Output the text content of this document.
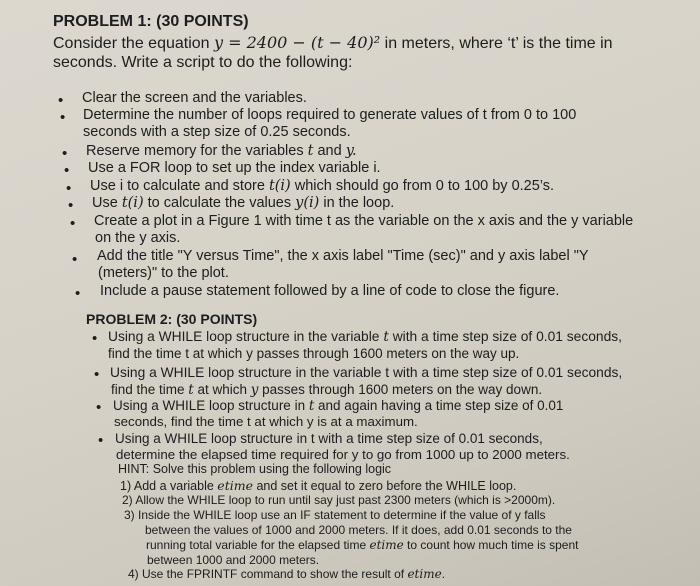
PROBLEM 1: (30 POINTS)
Consider the equation y = 2400 − (t − 40)² in meters, where ‘t’ is the time in
seconds. Write a script to do the following:
• Clear the screen and the variables.
• Determine the number of loops required to generate values of t from 0 to 100
seconds with a step size of 0.25 seconds.
• Reserve memory for the variables t and y.
• Use a FOR loop to set up the index variable i.
• Use i to calculate and store t(i) which should go from 0 to 100 by 0.25’s.
• Use t(i) to calculate the values y(i) in the loop.
• Create a plot in a Figure 1 with time t as the variable on the x axis and the y variable
on the y axis.
• Add the title "Y versus Time", the x axis label "Time (sec)" and y axis label "Y
(meters)" to the plot.
• Include a pause statement followed by a line of code to close the figure.
PROBLEM 2: (30 POINTS)
• Using a WHILE loop structure in the variable t with a time step size of 0.01 seconds,
find the time t at which y passes through 1600 meters on the way up.
• Using a WHILE loop structure in the variable t with a time step size of 0.01 seconds,
find the time t at which y passes through 1600 meters on the way down.
• Using a WHILE loop structure in t and again having a time step size of 0.01
seconds, find the time t at which y is at a maximum.
• Using a WHILE loop structure in t with a time step size of 0.01 seconds,
determine the elapsed time required for y to go from 1000 up to 2000 meters.
HINT: Solve this problem using the following logic
1) Add a variable etime and set it equal to zero before the WHILE loop.
2) Allow the WHILE loop to run until say just past 2300 meters (which is >2000m).
3) Inside the WHILE loop use an IF statement to determine if the value of y falls
between the values of 1000 and 2000 meters. If it does, add 0.01 seconds to the
running total variable for the elapsed time etime to count how much time is spent
between 1000 and 2000 meters.
4) Use the FPRINTF command to show the result of etime.
